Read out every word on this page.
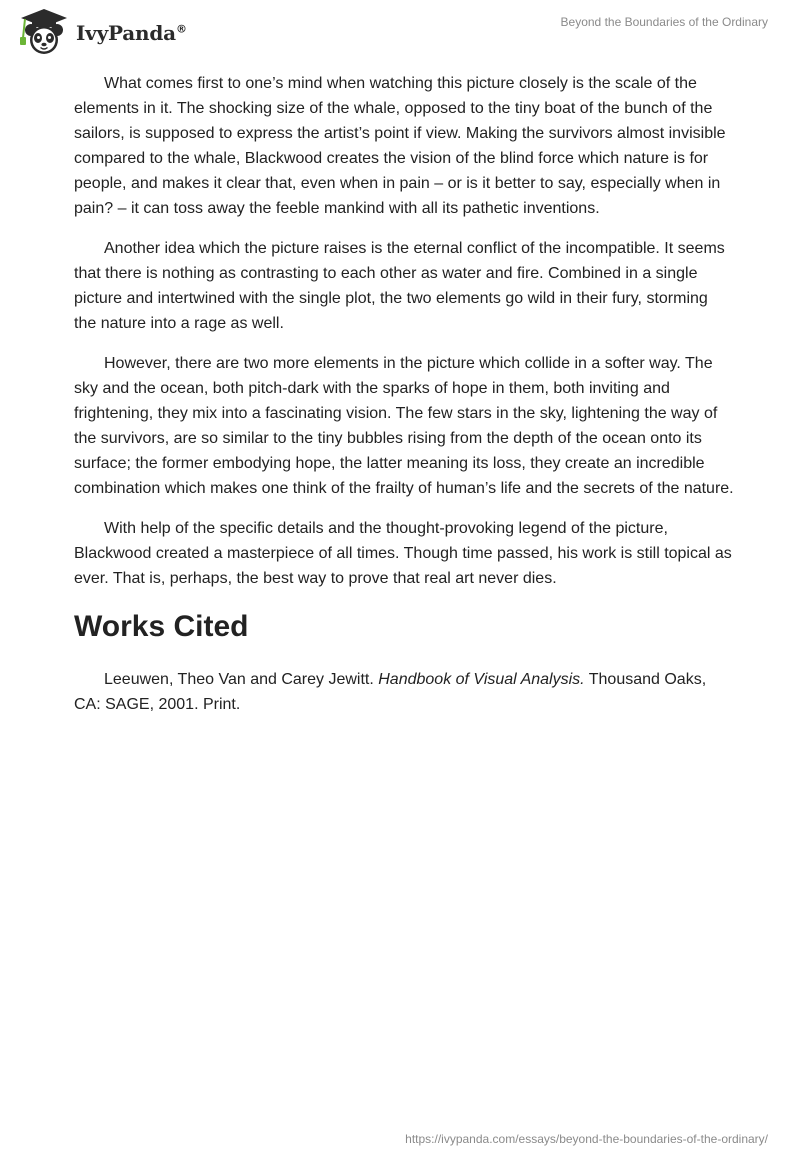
IvyPanda®	Beyond the Boundaries of the Ordinary

What comes first to one’s mind when watching this picture closely is the scale of the elements in it. The shocking size of the whale, opposed to the tiny boat of the bunch of the sailors, is supposed to express the artist’s point if view. Making the survivors almost invisible compared to the whale, Blackwood creates the vision of the blind force which nature is for people, and makes it clear that, even when in pain – or is it better to say, especially when in pain? – it can toss away the feeble mankind with all its pathetic inventions.

Another idea which the picture raises is the eternal conflict of the incompatible. It seems that there is nothing as contrasting to each other as water and fire. Combined in a single picture and intertwined with the single plot, the two elements go wild in their fury, storming the nature into a rage as well.

However, there are two more elements in the picture which collide in a softer way. The sky and the ocean, both pitch-dark with the sparks of hope in them, both inviting and frightening, they mix into a fascinating vision. The few stars in the sky, lightening the way of the survivors, are so similar to the tiny bubbles rising from the depth of the ocean onto its surface; the former embodying hope, the latter meaning its loss, they create an incredible combination which makes one think of the frailty of human’s life and the secrets of the nature.

With help of the specific details and the thought-provoking legend of the picture, Blackwood created a masterpiece of all times. Though time passed, his work is still topical as ever. That is, perhaps, the best way to prove that real art never dies.

Works Cited

Leeuwen, Theo Van and Carey Jewitt. Handbook of Visual Analysis. Thousand Oaks, CA: SAGE, 2001. Print.

https://ivypanda.com/essays/beyond-the-boundaries-of-the-ordinary/
